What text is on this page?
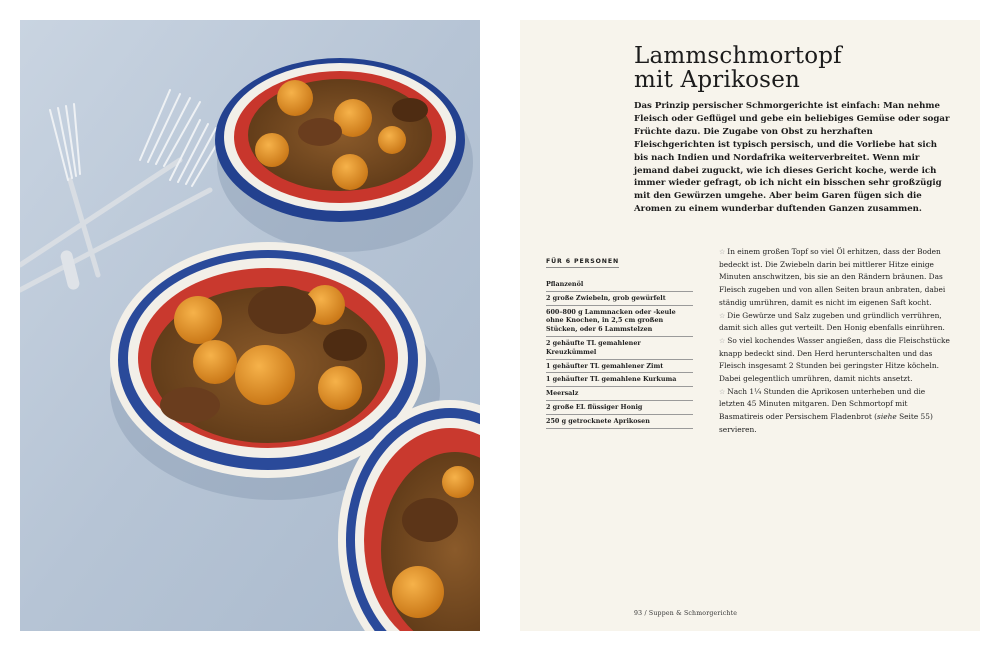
Lammschmortopf
mit Aprikosen

Das Prinzip persischer Schmorgerichte ist einfach: Man nehme Fleisch oder Geflügel und gebe ein beliebiges Gemüse oder sogar Früchte dazu. Die Zugabe von Obst zu herzhaften Fleischgerichten ist typisch persisch, und die Vorliebe hat sich bis nach Indien und Nordafrika weiterverbreitet. Wenn mir jemand dabei zuguckt, wie ich dieses Gericht koche, werde ich immer wieder gefragt, ob ich nicht ein bisschen sehr großzügig mit den Gewürzen umgehe. Aber beim Garen fügen sich die Aromen zu einem wunderbar duftenden Ganzen zusammen.

FÜR 6 PERSONEN
Pflanzenöl
2 große Zwiebeln, grob gewürfelt
600–800 g Lammnacken oder -keule ohne Knochen, in 2,5 cm großen Stücken, oder 6 Lammstelzen
2 gehäufte TL gemahlener Kreuzkümmel
1 gehäufter TL gemahlener Zimt
1 gehäufter TL gemahlene Kurkuma
Meersalz
2 große EL flüssiger Honig
250 g getrocknete Aprikosen

☆ In einem großen Topf so viel Öl erhitzen, dass der Boden bedeckt ist. Die Zwiebeln darin bei mittlerer Hitze einige Minuten anschwitzen, bis sie an den Rändern bräunen. Das Fleisch zugeben und von allen Seiten braun anbraten, dabei ständig umrühren, damit es nicht im eigenen Saft kocht.

☆ Die Gewürze und Salz zugeben und gründlich verrühren, damit sich alles gut verteilt. Den Honig ebenfalls einrühren.

☆ So viel kochendes Wasser angießen, dass die Fleischstücke knapp bedeckt sind. Den Herd herunterschalten und das Fleisch insgesamt 2 Stunden bei geringster Hitze köcheln. Dabei gelegentlich umrühren, damit nichts ansetzt.

☆ Nach 1¼ Stunden die Aprikosen unterheben und die letzten 45 Minuten mitgaren. Den Schmortopf mit Basmatireis oder Persischem Fladenbrot (siehe Seite 55) servieren.

93 / Suppen & Schmorgerichte
